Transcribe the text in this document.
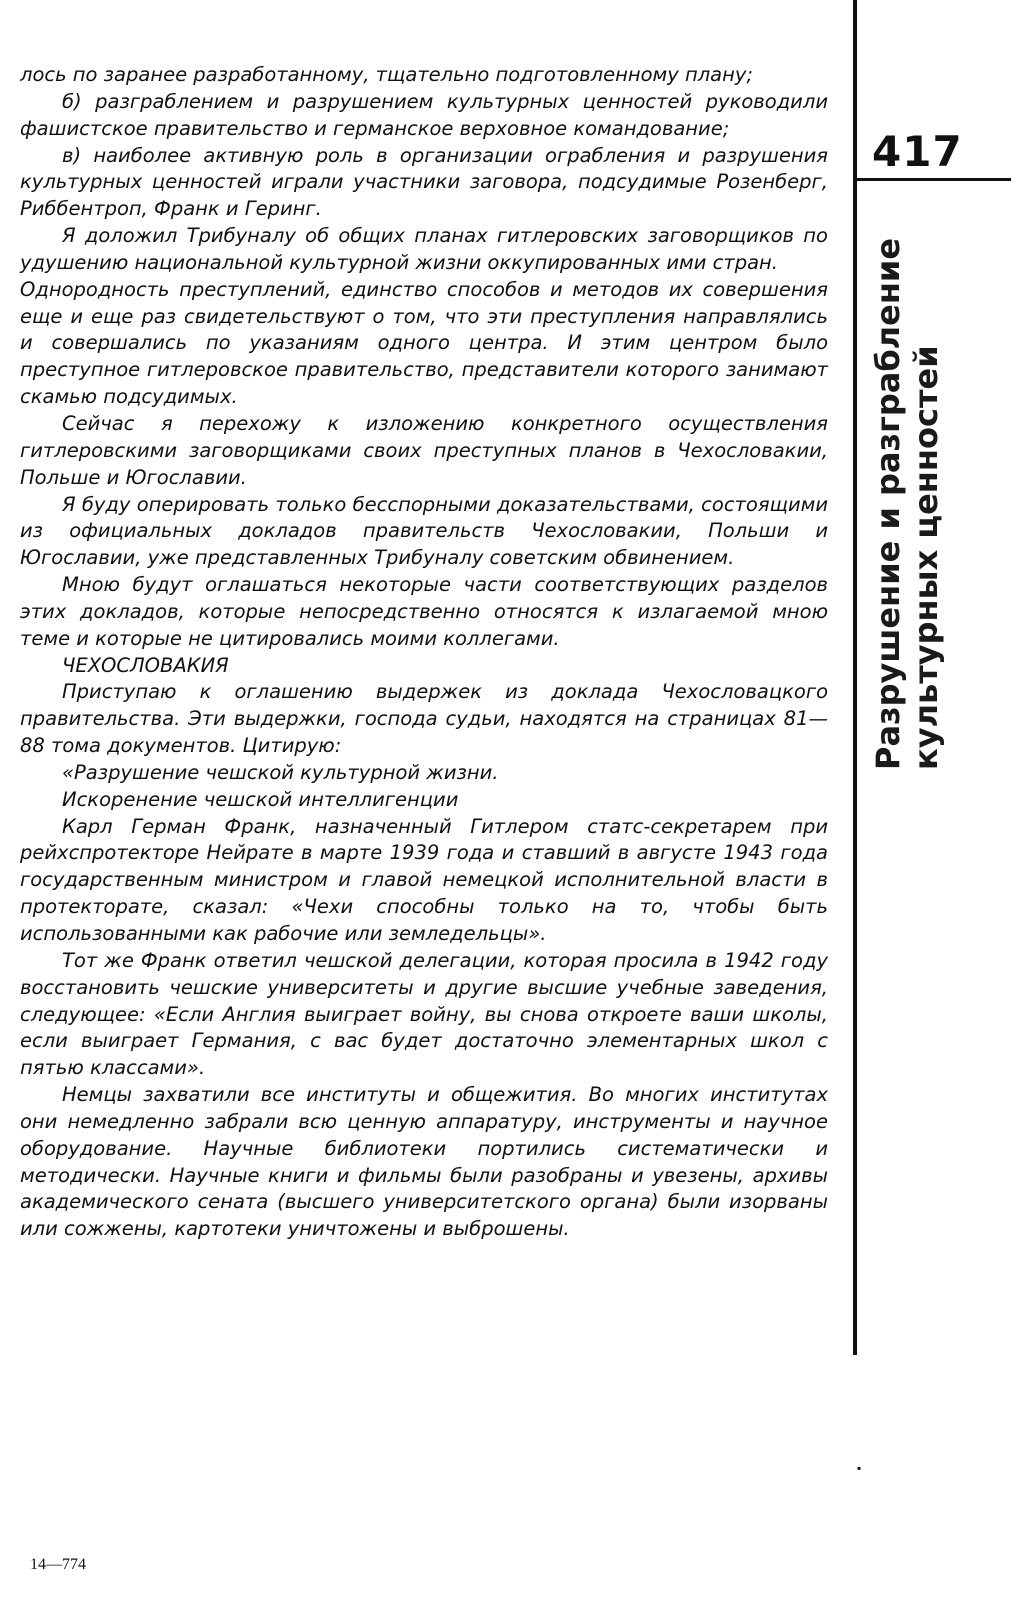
лось по заранее разработанному, тщательно подготовленному плану;

б) разграблением и разрушением культурных ценностей руководили фашистское правительство и германское верховное командование;

в) наиболее активную роль в организации ограбления и разрушения культурных ценностей играли участники заговора, подсудимые Розенберг, Риббентроп, Франк и Геринг.

Я доложил Трибуналу об общих планах гитлеровских заговорщиков по удушению национальной культурной жизни оккупированных ими стран.

Однородность преступлений, единство способов и методов их совершения еще и еще раз свидетельствуют о том, что эти преступления направлялись и совершались по указаниям одного центра. И этим центром было преступное гитлеровское правительство, представители которого занимают скамью подсудимых.

Сейчас я перехожу к изложению конкретного осуществления гитлеровскими заговорщиками своих преступных планов в Чехословакии, Польше и Югославии.

Я буду оперировать только бесспорными доказательствами, состоящими из официальных докладов правительств Чехословакии, Польши и Югославии, уже представленных Трибуналу советским обвинением.

Мною будут оглашаться некоторые части соответствующих разделов этих докладов, которые непосредственно относятся к излагаемой мною теме и которые не цитировались моими коллегами.

ЧЕХОСЛОВАКИЯ

Приступаю к оглашению выдержек из доклада Чехословацкого правительства. Эти выдержки, господа судьи, находятся на страницах 81—88 тома документов. Цитирую:

«Разрушение чешской культурной жизни.

Искоренение чешской интеллигенции

Карл Герман Франк, назначенный Гитлером статс-секретарем при рейхспротекторе Нейрате в марте 1939 года и ставший в августе 1943 года государственным министром и главой немецкой исполнительной власти в протекторате, сказал: «Чехи способны только на то, чтобы быть использованными как рабочие или земледельцы».

Тот же Франк ответил чешской делегации, которая просила в 1942 году восстановить чешские университеты и другие высшие учебные заведения, следующее: «Если Англия выиграет войну, вы снова откроете ваши школы, если выиграет Германия, с вас будет достаточно элементарных школ с пятью классами».

Немцы захватили все институты и общежития. Во многих институтах они немедленно забрали всю ценную аппаратуру, инструменты и научное оборудование. Научные библиотеки портились систематически и методически. Научные книги и фильмы были разобраны и увезены, архивы академического сената (высшего университетского органа) были изорваны или сожжены, картотеки уничтожены и выброшены.

417
Разрушение и разграбление культурных ценностей
▪
14—774
